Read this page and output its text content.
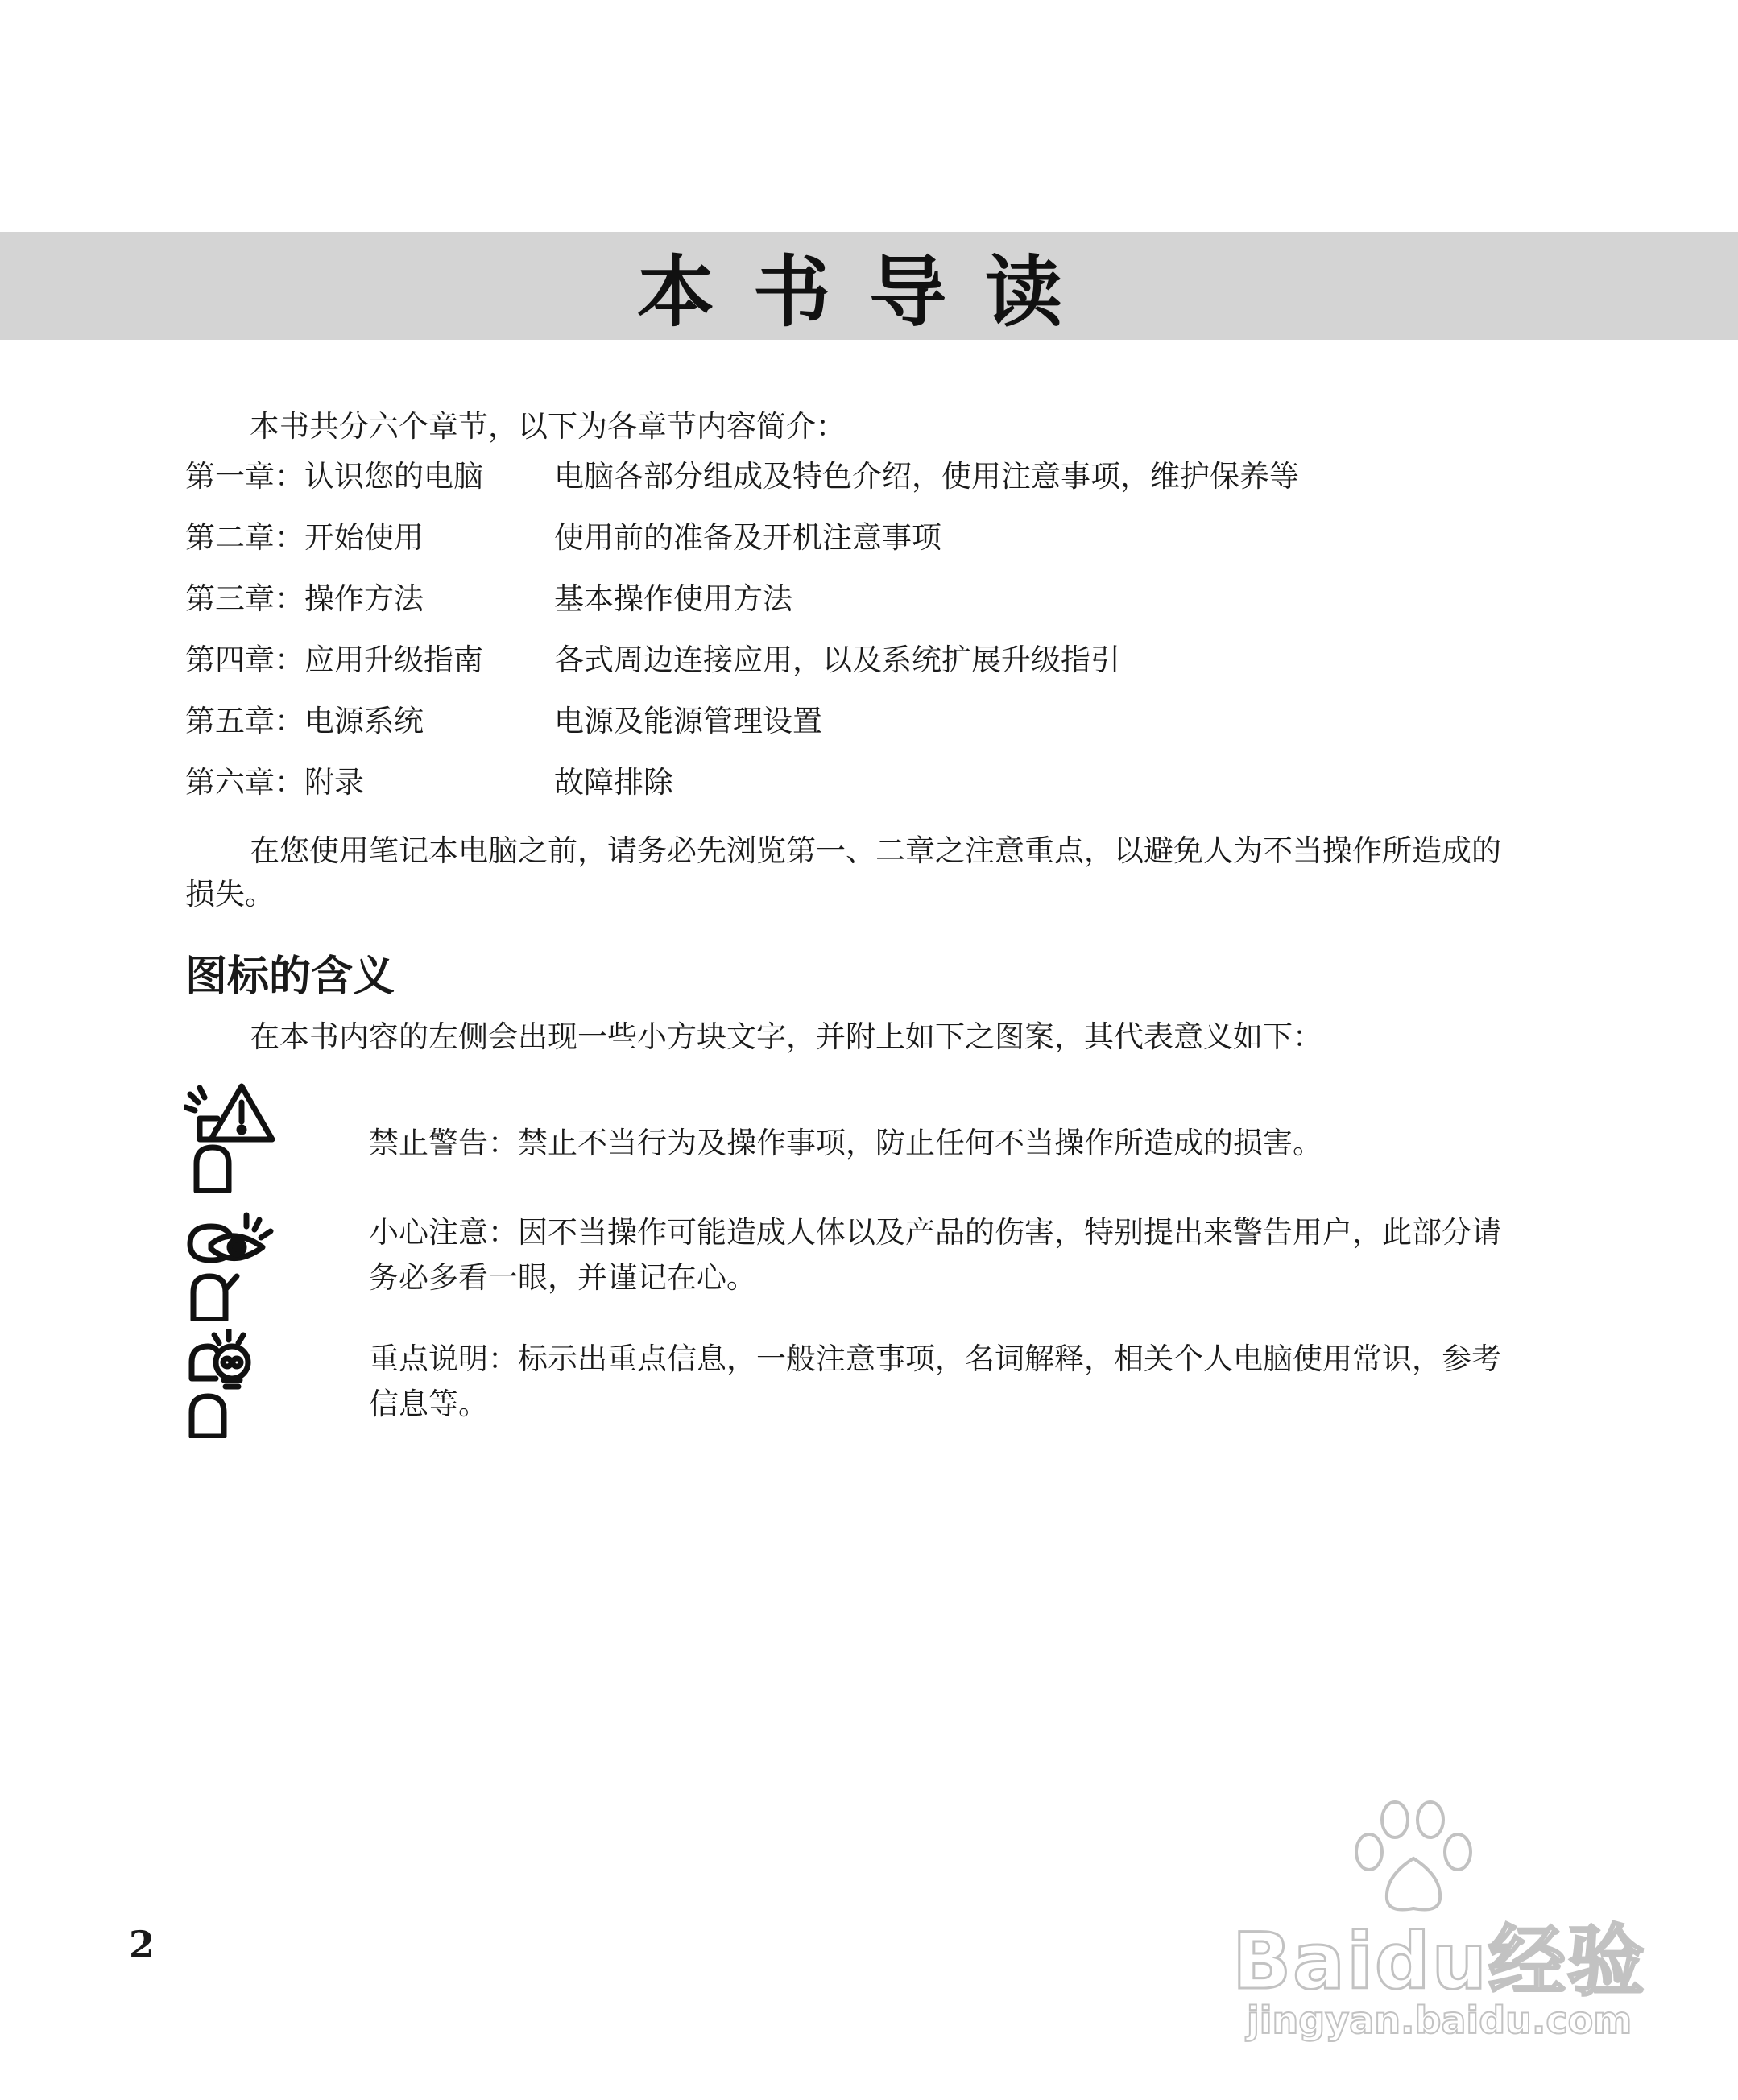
本书导读

本书共分六个章节，以下为各章节内容简介：

第一章：认识您的电脑	电脑各部分组成及特色介绍，使用注意事项，维护保养等
第二章：开始使用	使用前的准备及开机注意事项
第三章：操作方法	基本操作使用方法
第四章：应用升级指南	各式周边连接应用，以及系统扩展升级指引
第五章：电源系统	电源及能源管理设置
第六章：附录	故障排除

在您使用笔记本电脑之前，请务必先浏览第一、二章之注意重点，以避免人为不当操作所造成的损失。

图标的含义

在本书内容的左侧会出现一些小方块文字，并附上如下之图案，其代表意义如下：

禁止警告：禁止不当行为及操作事项，防止任何不当操作所造成的损害。

小心注意：因不当操作可能造成人体以及产品的伤害，特别提出来警告用户，此部分请务必多看一眼，并谨记在心。

重点说明：标示出重点信息，一般注意事项，名词解释，相关个人电脑使用常识，参考信息等。

2	Baidu经验
jingyan.baidu.com
